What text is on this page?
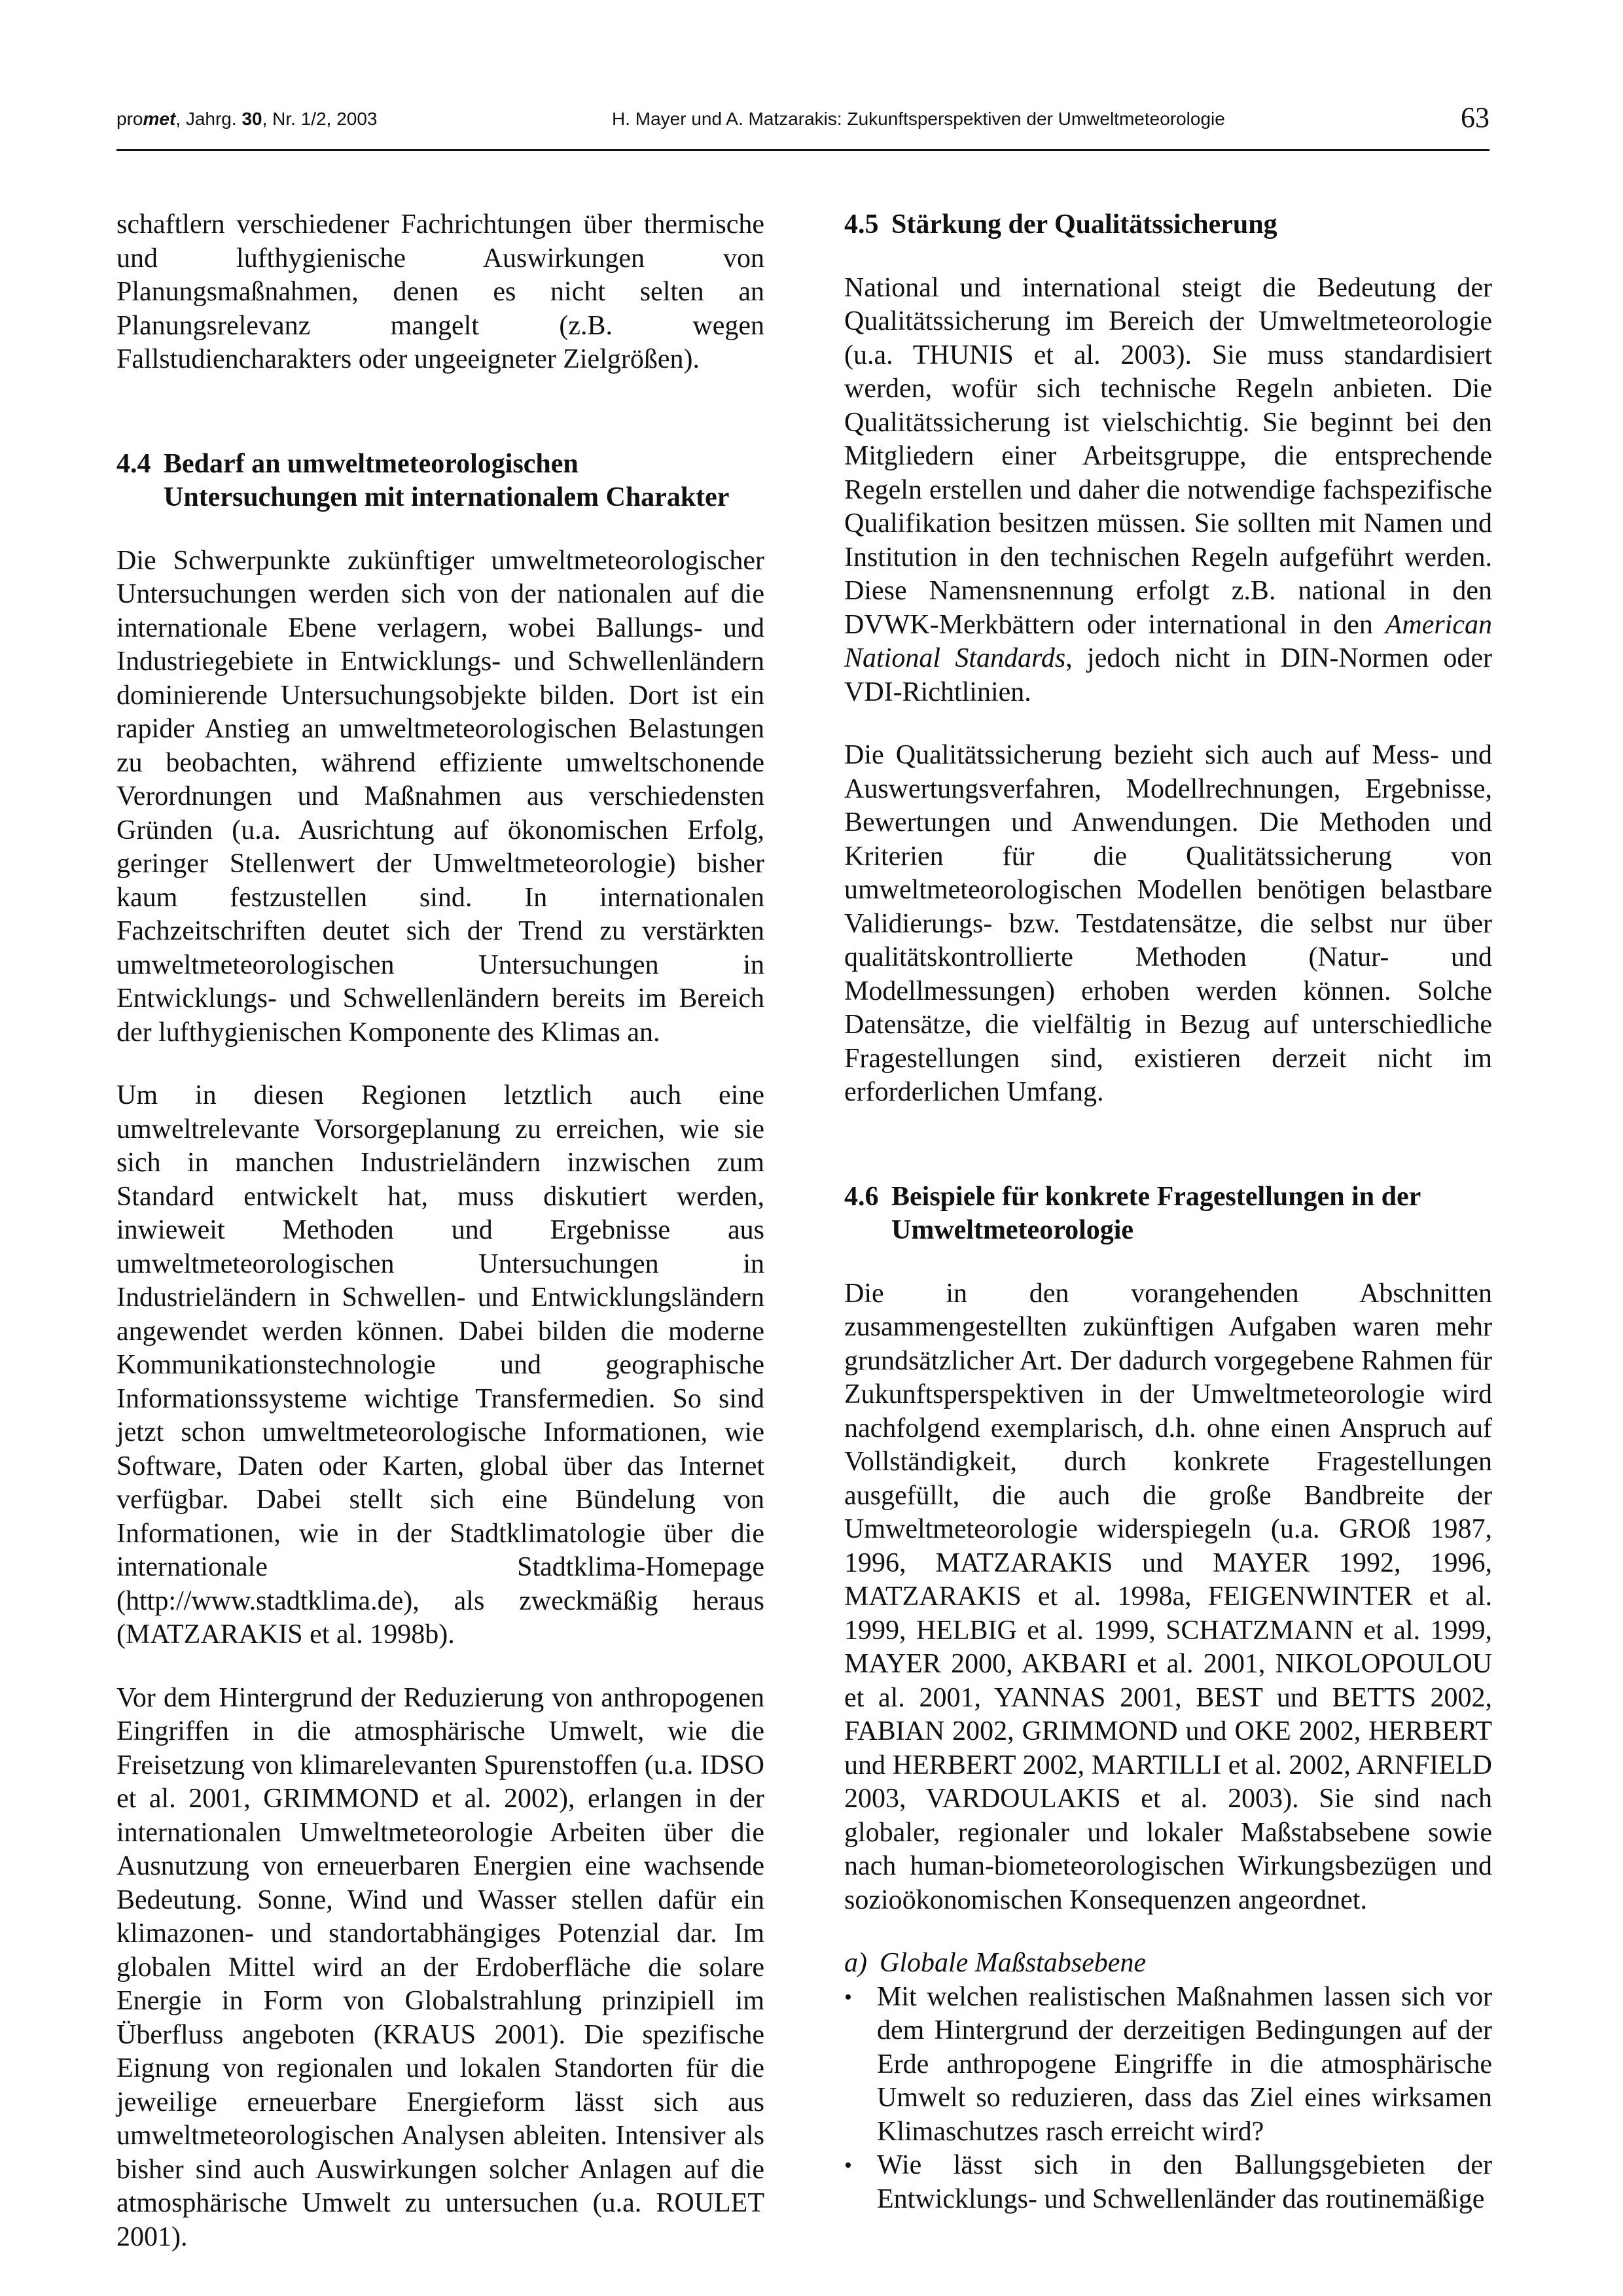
promet, Jahrg. 30, Nr. 1/2, 2003	H. Mayer und A. Matzarakis: Zukunftsperspektiven der Umweltmeteorologie	63

schaftlern verschiedener Fachrichtungen über thermische und lufthygienische Auswirkungen von Planungsmaßnahmen, denen es nicht selten an Planungsrelevanz mangelt (z.B. wegen Fallstudiencharakters oder ungeeigneter Zielgrößen).

4.4 Bedarf an umweltmeteorologischen Untersuchungen mit internationalem Charakter

Die Schwerpunkte zukünftiger umweltmeteorologischer Untersuchungen werden sich von der nationalen auf die internationale Ebene verlagern, wobei Ballungs- und Industriegebiete in Entwicklungs- und Schwellenländern dominierende Untersuchungsobjekte bilden. Dort ist ein rapider Anstieg an umweltmeteorologischen Belastungen zu beobachten, während effiziente umweltschonende Verordnungen und Maßnahmen aus verschiedensten Gründen (u.a. Ausrichtung auf ökonomischen Erfolg, geringer Stellenwert der Umweltmeteorologie) bisher kaum festzustellen sind. In internationalen Fachzeitschriften deutet sich der Trend zu verstärkten umweltmeteorologischen Untersuchungen in Entwicklungs- und Schwellenländern bereits im Bereich der lufthygienischen Komponente des Klimas an.

Um in diesen Regionen letztlich auch eine umweltrelevante Vorsorgeplanung zu erreichen, wie sie sich in manchen Industrieländern inzwischen zum Standard entwickelt hat, muss diskutiert werden, inwieweit Methoden und Ergebnisse aus umweltmeteorologischen Untersuchungen in Industrieländern in Schwellen- und Entwicklungsländern angewendet werden können. Dabei bilden die moderne Kommunikationstechnologie und geographische Informationssysteme wichtige Transfermedien. So sind jetzt schon umweltmeteorologische Informationen, wie Software, Daten oder Karten, global über das Internet verfügbar. Dabei stellt sich eine Bündelung von Informationen, wie in der Stadtklimatologie über die internationale Stadtklima-Homepage (http://www.stadtklima.de), als zweckmäßig heraus (MATZARAKIS et al. 1998b).

Vor dem Hintergrund der Reduzierung von anthropogenen Eingriffen in die atmosphärische Umwelt, wie die Freisetzung von klimarelevanten Spurenstoffen (u.a. IDSO et al. 2001, GRIMMOND et al. 2002), erlangen in der internationalen Umweltmeteorologie Arbeiten über die Ausnutzung von erneuerbaren Energien eine wachsende Bedeutung. Sonne, Wind und Wasser stellen dafür ein klimazonen- und standortabhängiges Potenzial dar. Im globalen Mittel wird an der Erdoberfläche die solare Energie in Form von Globalstrahlung prinzipiell im Überfluss angeboten (KRAUS 2001). Die spezifische Eignung von regionalen und lokalen Standorten für die jeweilige erneuerbare Energieform lässt sich aus umweltmeteorologischen Analysen ableiten. Intensiver als bisher sind auch Auswirkungen solcher Anlagen auf die atmosphärische Umwelt zu untersuchen (u.a. ROULET 2001).

4.5 Stärkung der Qualitätssicherung

National und international steigt die Bedeutung der Qualitätssicherung im Bereich der Umweltmeteorologie (u.a. THUNIS et al. 2003). Sie muss standardisiert werden, wofür sich technische Regeln anbieten. Die Qualitätssicherung ist vielschichtig. Sie beginnt bei den Mitgliedern einer Arbeitsgruppe, die entsprechende Regeln erstellen und daher die notwendige fachspezifische Qualifikation besitzen müssen. Sie sollten mit Namen und Institution in den technischen Regeln aufgeführt werden. Diese Namensnennung erfolgt z.B. national in den DVWK-Merkbättern oder international in den American National Standards, jedoch nicht in DIN-Normen oder VDI-Richtlinien.

Die Qualitätssicherung bezieht sich auch auf Mess- und Auswertungsverfahren, Modellrechnungen, Ergebnisse, Bewertungen und Anwendungen. Die Methoden und Kriterien für die Qualitätssicherung von umweltmeteorologischen Modellen benötigen belastbare Validierungs- bzw. Testdatensätze, die selbst nur über qualitätskontrollierte Methoden (Natur- und Modellmessungen) erhoben werden können. Solche Datensätze, die vielfältig in Bezug auf unterschiedliche Fragestellungen sind, existieren derzeit nicht im erforderlichen Umfang.

4.6 Beispiele für konkrete Fragestellungen in der Umweltmeteorologie

Die in den vorangehenden Abschnitten zusammengestellten zukünftigen Aufgaben waren mehr grundsätzlicher Art. Der dadurch vorgegebene Rahmen für Zukunftsperspektiven in der Umweltmeteorologie wird nachfolgend exemplarisch, d.h. ohne einen Anspruch auf Vollständigkeit, durch konkrete Fragestellungen ausgefüllt, die auch die große Bandbreite der Umweltmeteorologie widerspiegeln (u.a. GROß 1987, 1996, MATZARAKIS und MAYER 1992, 1996, MATZARAKIS et al. 1998a, FEIGENWINTER et al. 1999, HELBIG et al. 1999, SCHATZMANN et al. 1999, MAYER 2000, AKBARI et al. 2001, NIKOLOPOULOU et al. 2001, YANNAS 2001, BEST und BETTS 2002, FABIAN 2002, GRIMMOND und OKE 2002, HERBERT und HERBERT 2002, MARTILLI et al. 2002, ARNFIELD 2003, VARDOULAKIS et al. 2003). Sie sind nach globaler, regionaler und lokaler Maßstabsebene sowie nach human-biometeorologischen Wirkungsbezügen und sozioökonomischen Konsequenzen angeordnet.

a) Globale Maßstabsebene

• Mit welchen realistischen Maßnahmen lassen sich vor dem Hintergrund der derzeitigen Bedingungen auf der Erde anthropogene Eingriffe in die atmosphärische Umwelt so reduzieren, dass das Ziel eines wirksamen Klimaschutzes rasch erreicht wird?
• Wie lässt sich in den Ballungsgebieten der Entwicklungs- und Schwellenländer das routinemäßige
